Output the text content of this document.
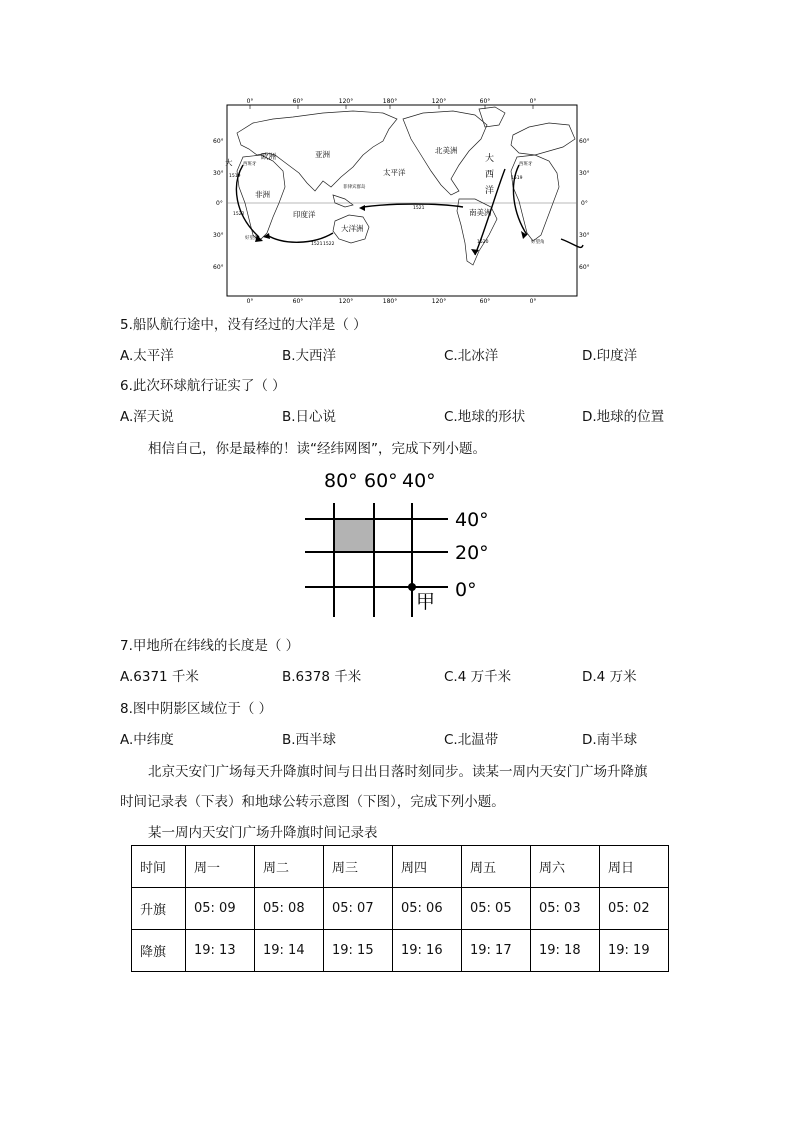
0°	60°	120°	180°	120°	60°	0°
0°	60°	120°	180°	120°	60°	0°
60°
30°
0°
30°
60°
60°
30°
0°
30°
60°
欧洲	亚洲
非洲
印度洋
大洋洲
太平洋
北美洲
南美洲
大	大
西
洋
菲律宾群岛
西班牙	西班牙
好望角
好望角
1519
1522
1521 1522
1521
1520
1519
5.船队航行途中，没有经过的大洋是（ ）
A.太平洋	B.大西洋	C.北冰洋	D.印度洋
6.此次环球航行证实了（ ）
A.浑天说	B.日心说	C.地球的形状	D.地球的位置
相信自己，你是最棒的！读“经纬网图”，完成下列小题。
80° 60° 40°
40°
20°
0°
甲
7.甲地所在纬线的长度是（ ）
A.6371 千米	B.6378 千米	C.4 万千米	D.4 万米
8.图中阴影区域位于（ ）
A.中纬度	B.西半球	C.北温带	D.南半球
北京天安门广场每天升降旗时间与日出日落时刻同步。读某一周内天安门广场升降旗
时间记录表（下表）和地球公转示意图（下图），完成下列小题。
某一周内天安门广场升降旗时间记录表
时间	周一	周二	周三	周四	周五	周六	周日
升旗	05: 09	05: 08	05: 07	05: 06	05: 05	05: 03	05: 02
降旗	19: 13	19: 14	19: 15	19: 16	19: 17	19: 18	19: 19
